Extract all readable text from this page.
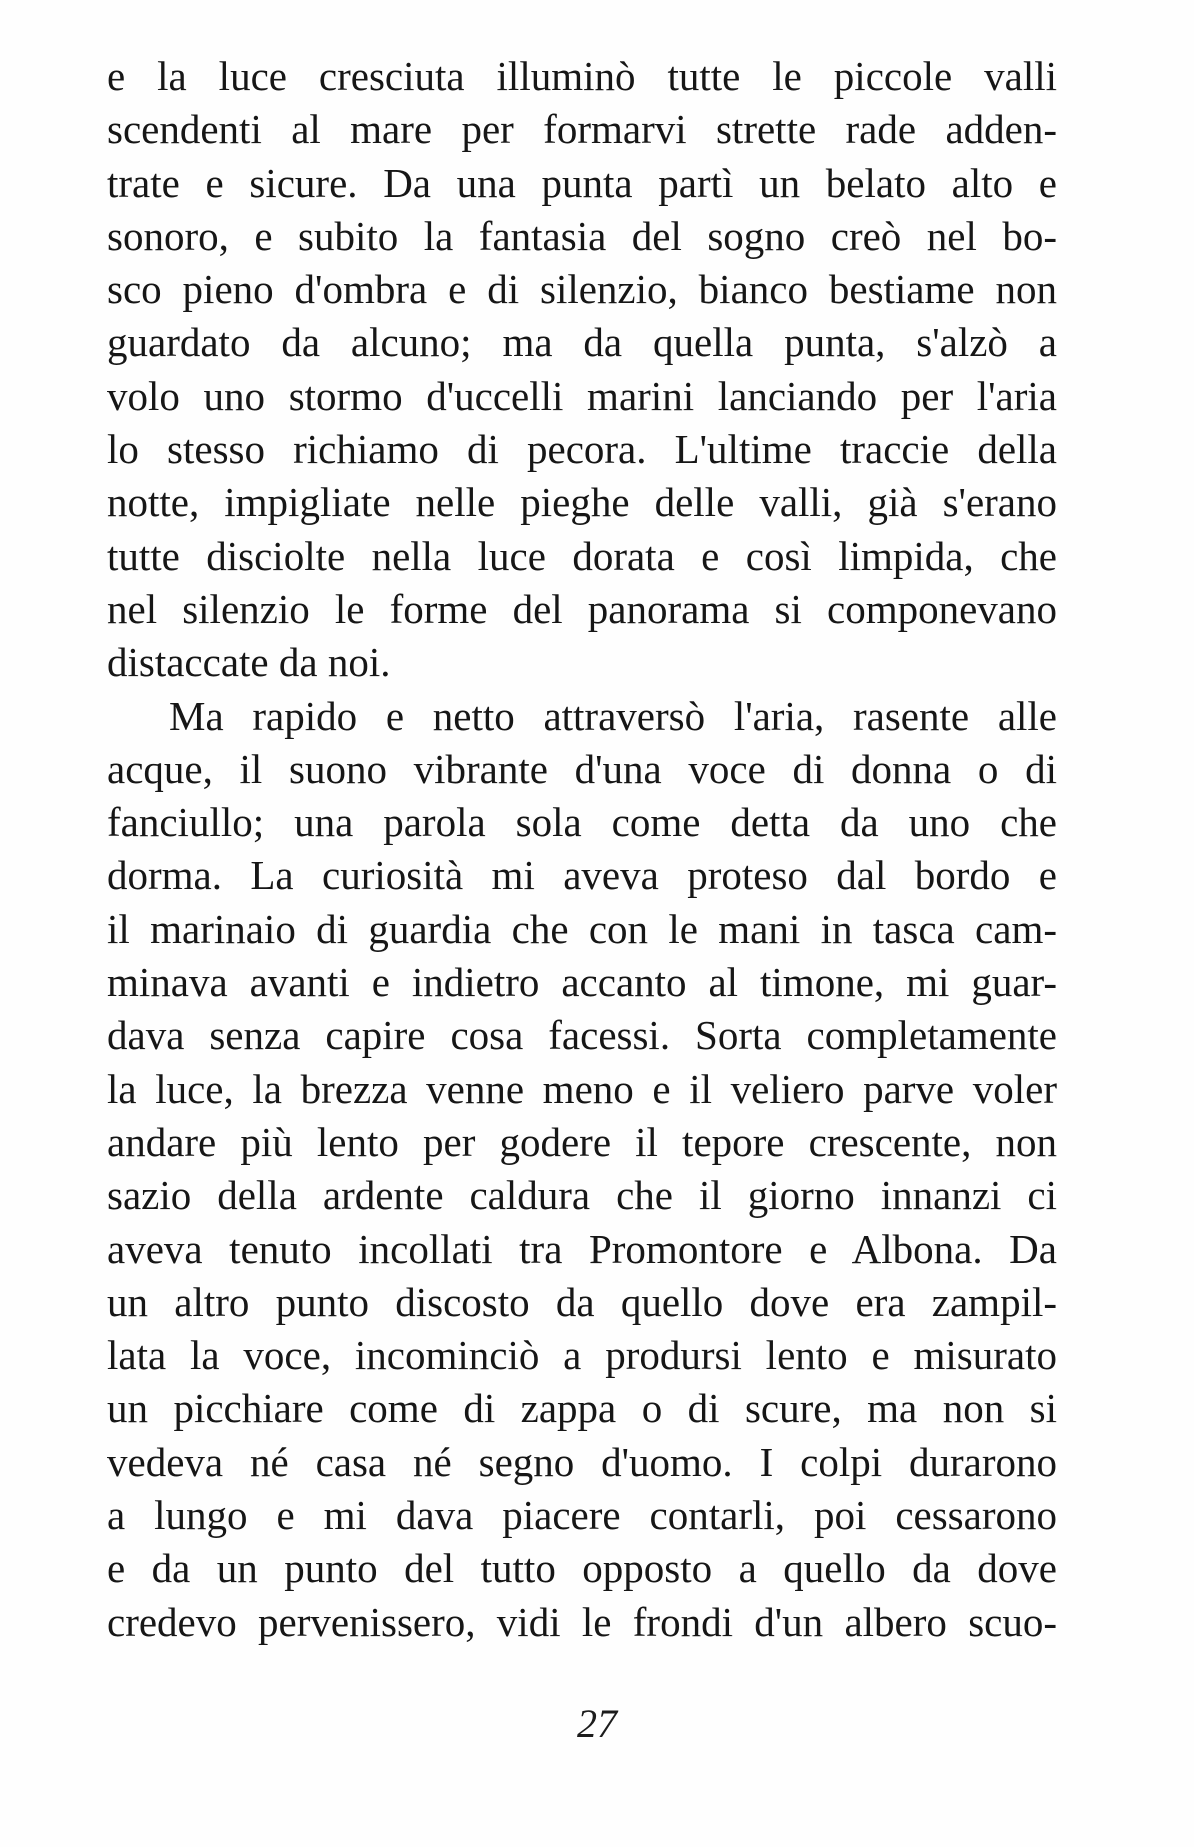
e la luce cresciuta illuminò tutte le piccole valli
scendenti al mare per formarvi strette rade adden-
trate e sicure. Da una punta partì un belato alto e
sonoro, e subito la fantasia del sogno creò nel bo-
sco pieno d'ombra e di silenzio, bianco bestiame non
guardato da alcuno; ma da quella punta, s'alzò a
volo uno stormo d'uccelli marini lanciando per l'aria
lo stesso richiamo di pecora. L'ultime traccie della
notte, impigliate nelle pieghe delle valli, già s'erano
tutte disciolte nella luce dorata e così limpida, che
nel silenzio le forme del panorama si componevano
distaccate da noi.
Ma rapido e netto attraversò l'aria, rasente alle
acque, il suono vibrante d'una voce di donna o di
fanciullo; una parola sola come detta da uno che
dorma. La curiosità mi aveva proteso dal bordo e
il marinaio di guardia che con le mani in tasca cam-
minava avanti e indietro accanto al timone, mi guar-
dava senza capire cosa facessi. Sorta completamente
la luce, la brezza venne meno e il veliero parve voler
andare più lento per godere il tepore crescente, non
sazio della ardente caldura che il giorno innanzi ci
aveva tenuto incollati tra Promontore e Albona. Da
un altro punto discosto da quello dove era zampil-
lata la voce, incominciò a prodursi lento e misurato
un picchiare come di zappa o di scure, ma non si
vedeva né casa né segno d'uomo. I colpi durarono
a lungo e mi dava piacere contarli, poi cessarono
e da un punto del tutto opposto a quello da dove
credevo pervenissero, vidi le frondi d'un albero scuo-
27
